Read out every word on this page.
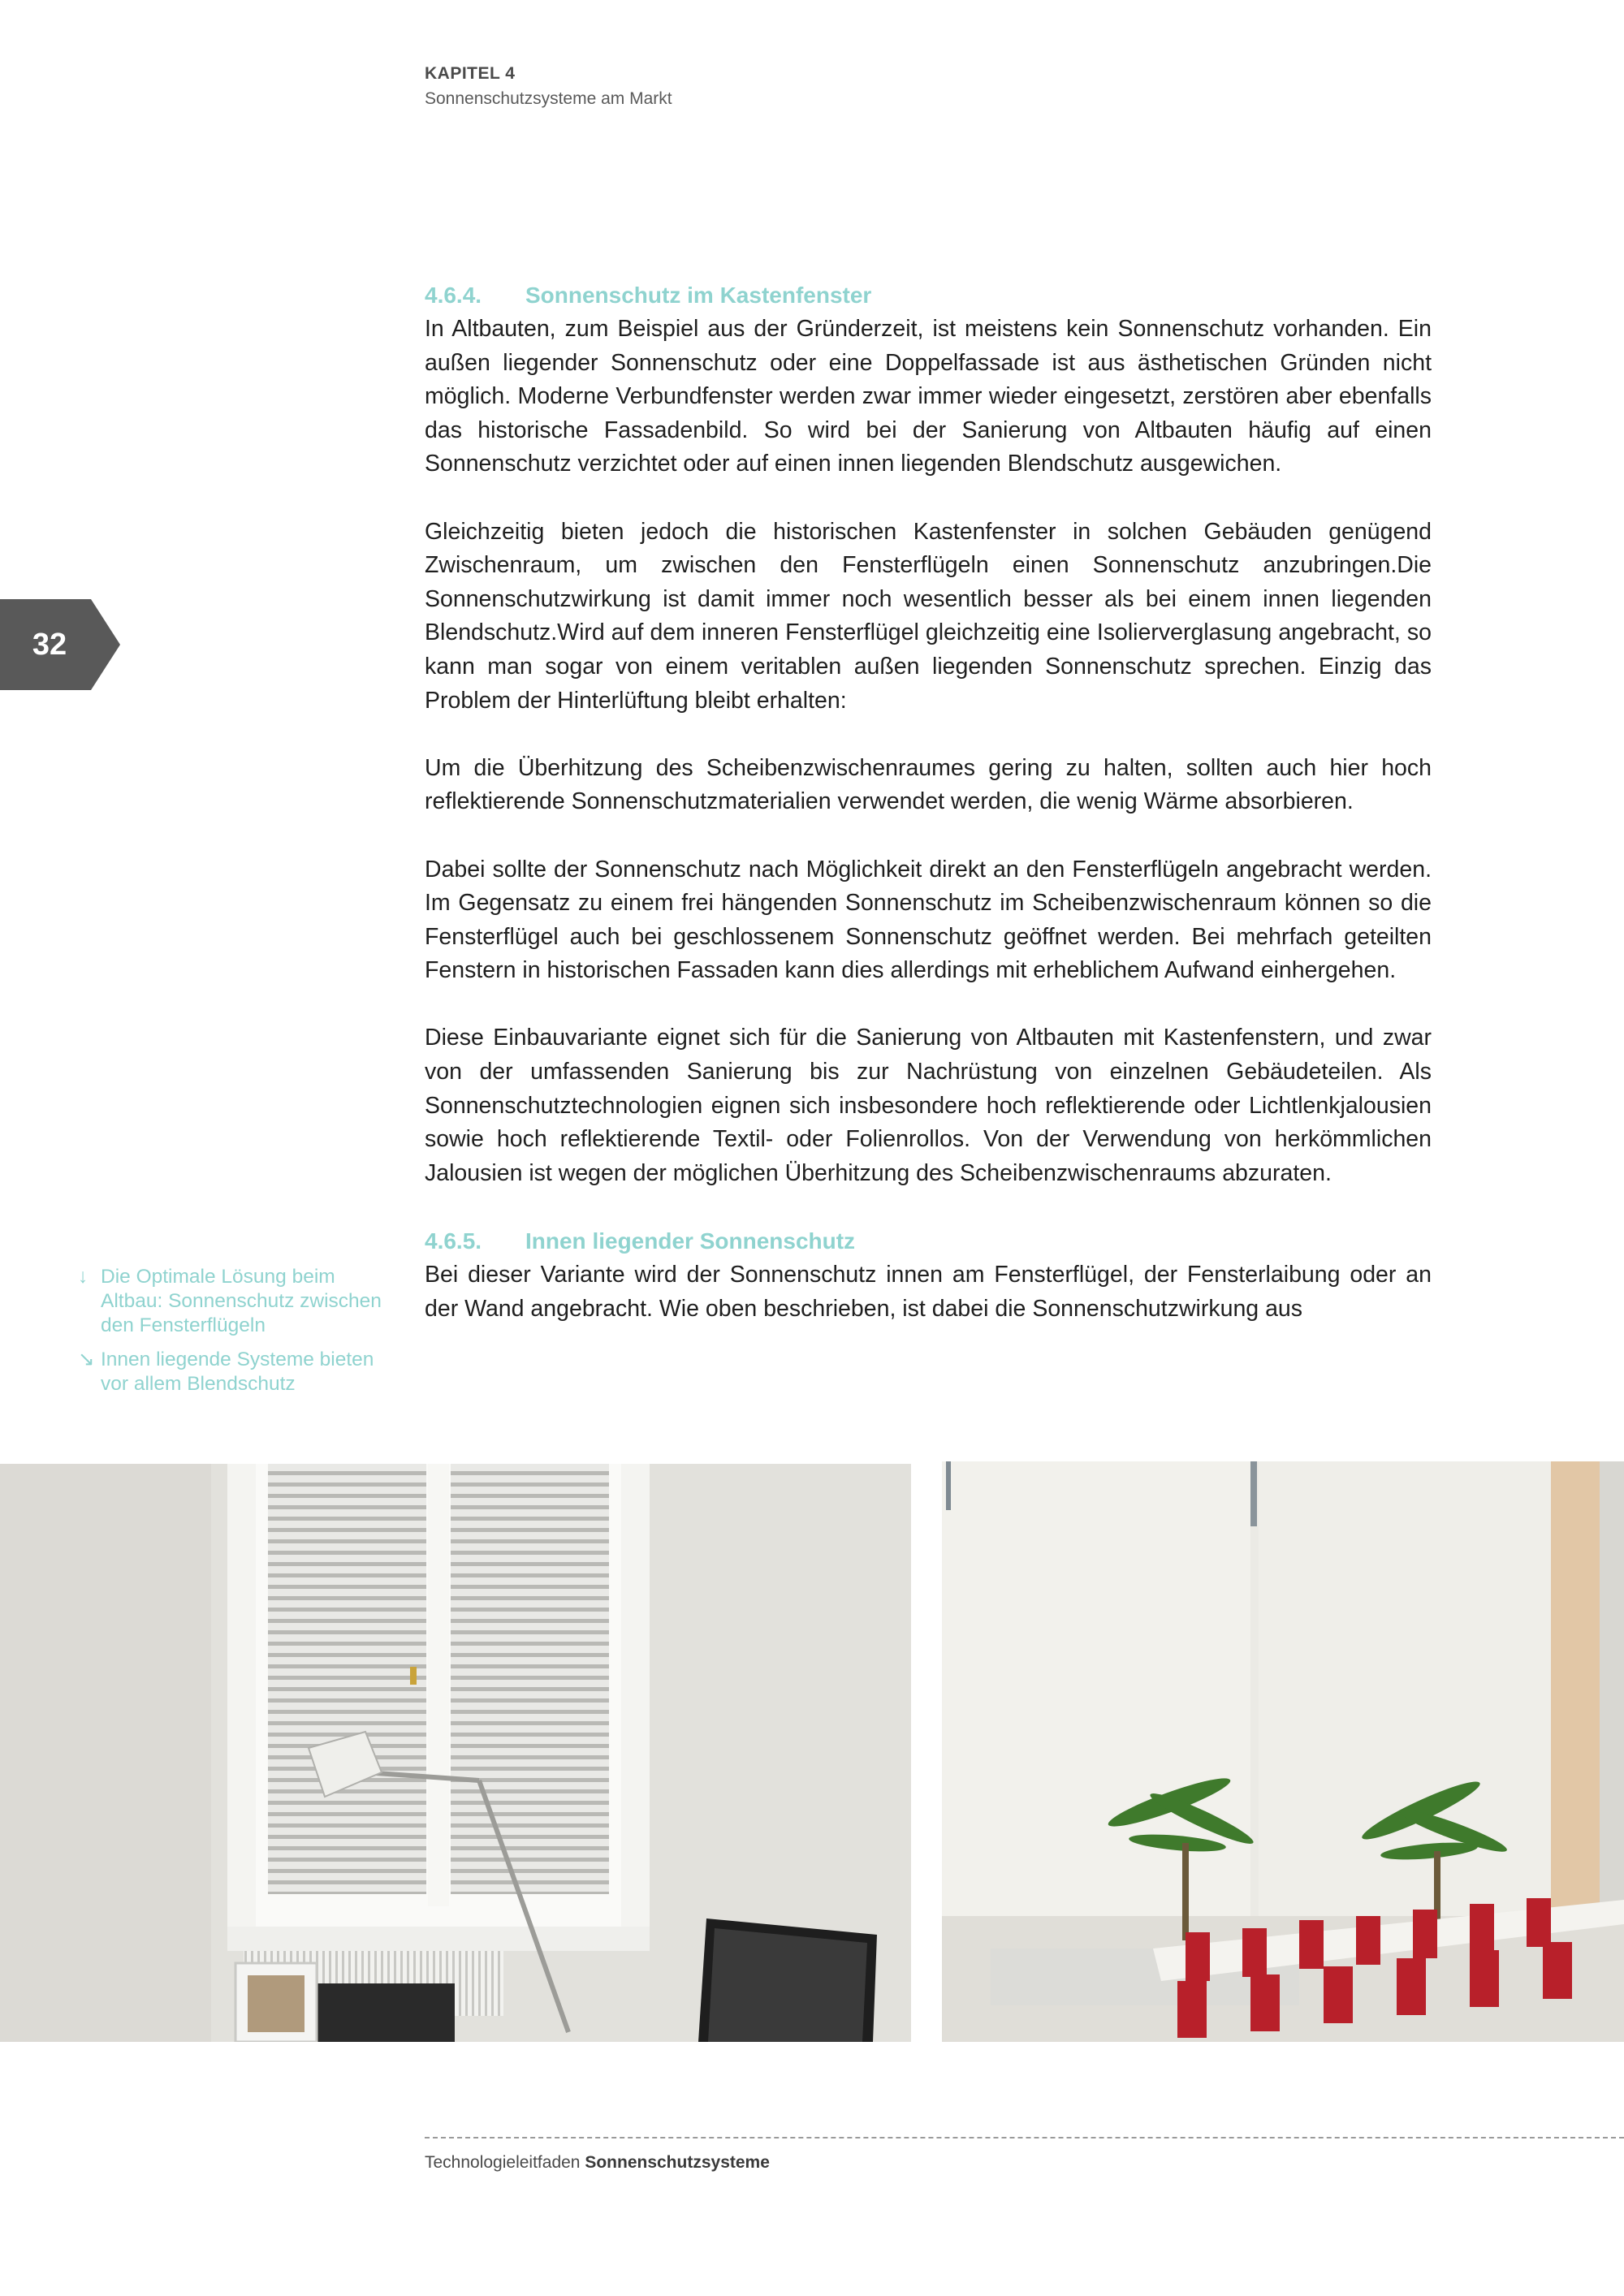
KAPITEL 4
Sonnenschutzsysteme am Markt
32
4.6.4. Sonnenschutz im Kastenfenster

In Altbauten, zum Beispiel aus der Gründerzeit, ist meistens kein Sonnenschutz vorhanden. Ein außen liegender Sonnenschutz oder eine Doppelfassade ist aus ästhetischen Gründen nicht möglich. Moderne Verbundfenster werden zwar immer wieder eingesetzt, zerstören aber ebenfalls das historische Fassadenbild. So wird bei der Sanierung von Altbauten häufig auf einen Sonnenschutz verzichtet oder auf einen innen liegenden Blendschutz ausgewichen.

Gleichzeitig bieten jedoch die historischen Kastenfenster in solchen Gebäuden genügend Zwischenraum, um zwischen den Fensterflügeln einen Sonnenschutz anzubringen.Die Sonnenschutzwirkung ist damit immer noch wesentlich besser als bei einem innen liegenden Blendschutz.Wird auf dem inneren Fensterflügel gleichzeitig eine Isolierverglasung angebracht, so kann man sogar von einem veritablen außen liegenden Sonnenschutz sprechen. Einzig das Problem der Hinterlüftung bleibt erhalten:

Um die Überhitzung des Scheibenzwischenraumes gering zu halten, sollten auch hier hoch reflektierende Sonnenschutzmaterialien verwendet werden, die wenig Wärme absorbieren.

Dabei sollte der Sonnenschutz nach Möglichkeit direkt an den Fensterflügeln angebracht werden. Im Gegensatz zu einem frei hängenden Sonnenschutz im Scheibenzwischenraum können so die Fensterflügel auch bei geschlossenem Sonnenschutz geöffnet werden. Bei mehrfach geteilten Fenstern in historischen Fassaden kann dies allerdings mit erheblichem Aufwand einhergehen.

Diese Einbauvariante eignet sich für die Sanierung von Altbauten mit Kastenfenstern, und zwar von der umfassenden Sanierung bis zur Nachrüstung von einzelnen Gebäudeteilen. Als Sonnenschutztechnologien eignen sich insbesondere hoch reflektierende oder Lichtlenkjalousien sowie hoch reflektierende Textil- oder Folienrollos. Von der Verwendung von herkömmlichen Jalousien ist wegen der möglichen Überhitzung des Scheibenzwischenraums abzuraten.

4.6.5. Innen liegender Sonnenschutz

Bei dieser Variante wird der Sonnenschutz innen am Fensterflügel, der Fensterlaibung oder an der Wand angebracht. Wie oben beschrieben, ist dabei die Sonnenschutzwirkung aus

↓ Die Optimale Lösung beim Altbau: Sonnenschutz zwischen den Fensterflügeln
↘ Innen liegende Systeme bieten vor allem Blendschutz
Technologieleitfaden Sonnenschutzsysteme
